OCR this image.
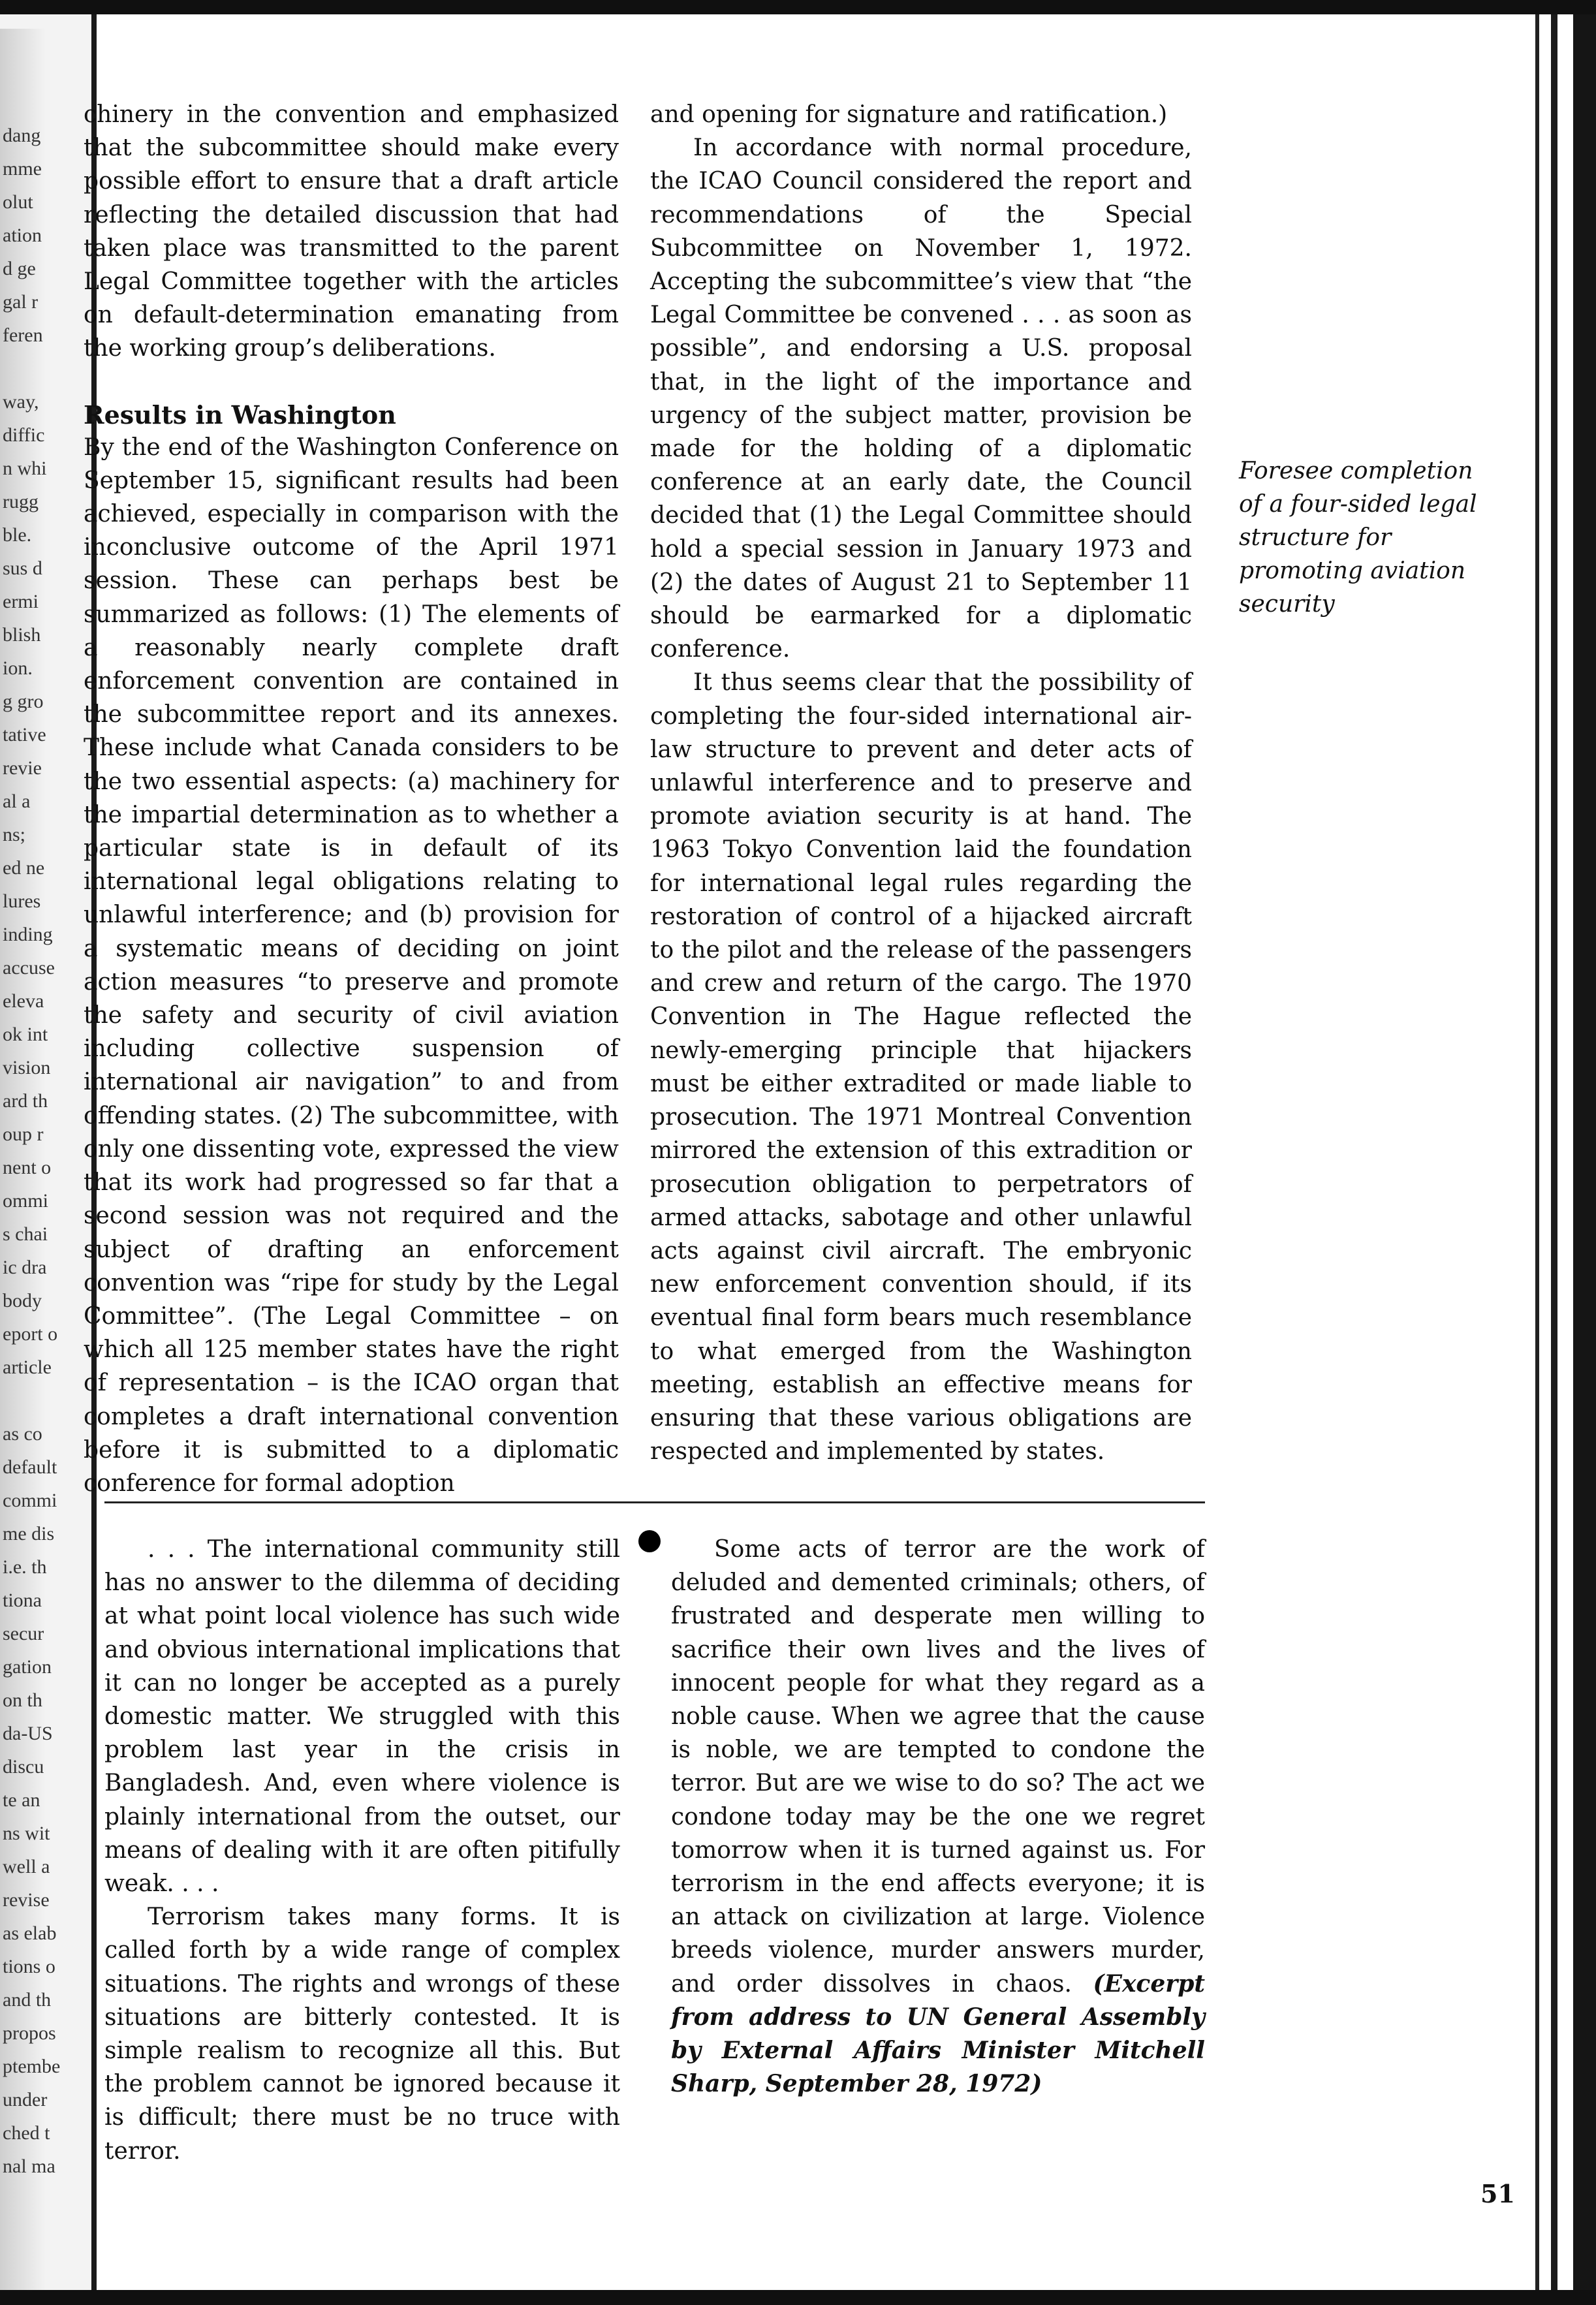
dang
mme
olut
ation
d ge
gal r
feren

way,
diffic
n whi
rugg
ble.
sus d
ermi
blish
ion.
g gro
tative
revie
al a
ns;
ed ne
lures
inding
accuse
eleva
ok int
vision
ard th
oup r
nent o
ommi
s chai
ic dra
body
eport o
article

as co
default
commi
me dis
i.e. th
tiona
secur
gation
on th
da-US
discu
te an
ns wit
well a
revise
as elab
tions o
and th
propos
ptembe
under
ched t
nal ma

chinery in the convention and emphasized that the subcommittee should make every possible effort to ensure that a draft article reflecting the detailed discussion that had taken place was transmitted to the parent Legal Committee together with the articles on default-determination emanating from the working group’s deliberations.

Results in Washington

By the end of the Washington Conference on September 15, significant results had been achieved, especially in comparison with the inconclusive outcome of the April 1971 session. These can perhaps best be summarized as follows: (1) The elements of a reasonably nearly complete draft enforcement convention are contained in the subcommittee report and its annexes. These include what Canada considers to be the two essential aspects: (a) machinery for the impartial determination as to whether a particular state is in default of its international legal obligations relating to unlawful interference; and (b) provision for a systematic means of deciding on joint action measures “to preserve and promote the safety and security of civil aviation including collective suspension of international air navigation” to and from offending states. (2) The subcommittee, with only one dissenting vote, expressed the view that its work had progressed so far that a second session was not required and the subject of drafting an enforcement convention was “ripe for study by the Legal Committee”. (The Legal Committee – on which all 125 member states have the right of representation – is the ICAO organ that completes a draft international convention before it is submitted to a diplomatic conference for formal adoption

and opening for signature and ratification.)

In accordance with normal procedure, the ICAO Council considered the report and recommendations of the Special Subcommittee on November 1, 1972. Accepting the subcommittee’s view that “the Legal Committee be convened . . . as soon as possible”, and endorsing a U.S. proposal that, in the light of the importance and urgency of the subject matter, provision be made for the holding of a diplomatic conference at an early date, the Council decided that (1) the Legal Committee should hold a special session in January 1973 and (2) the dates of August 21 to September 11 should be earmarked for a diplomatic conference.

It thus seems clear that the possibility of completing the four-sided international air-law structure to prevent and deter acts of unlawful interference and to preserve and promote aviation security is at hand. The 1963 Tokyo Convention laid the foundation for international legal rules regarding the restoration of control of a hijacked aircraft to the pilot and the release of the passengers and crew and return of the cargo. The 1970 Convention in The Hague reflected the newly-emerging principle that hijackers must be either extradited or made liable to prosecution. The 1971 Montreal Convention mirrored the extension of this extradition or prosecution obligation to perpetrators of armed attacks, sabotage and other unlawful acts against civil aircraft. The embryonic new enforcement convention should, if its eventual final form bears much resemblance to what emerged from the Washington meeting, establish an effective means for ensuring that these various obligations are respected and implemented by states.

Foresee completion of a four-sided legal structure for promoting aviation security

. . . The international community still has no answer to the dilemma of deciding at what point local violence has such wide and obvious international implications that it can no longer be accepted as a purely domestic matter. We struggled with this problem last year in the crisis in Bangladesh. And, even where violence is plainly international from the outset, our means of dealing with it are often pitifully weak. . . .

Terrorism takes many forms. It is called forth by a wide range of complex situations. The rights and wrongs of these situations are bitterly contested. It is simple realism to recognize all this. But the problem cannot be ignored because it is difficult; there must be no truce with terror.

Some acts of terror are the work of deluded and demented criminals; others, of frustrated and desperate men willing to sacrifice their own lives and the lives of innocent people for what they regard as a noble cause. When we agree that the cause is noble, we are tempted to condone the terror. But are we wise to do so? The act we condone today may be the one we regret tomorrow when it is turned against us. For terrorism in the end affects everyone; it is an attack on civilization at large. Violence breeds violence, murder answers murder, and order dissolves in chaos. (Excerpt from address to UN General Assembly by External Affairs Minister Mitchell Sharp, September 28, 1972)

51
